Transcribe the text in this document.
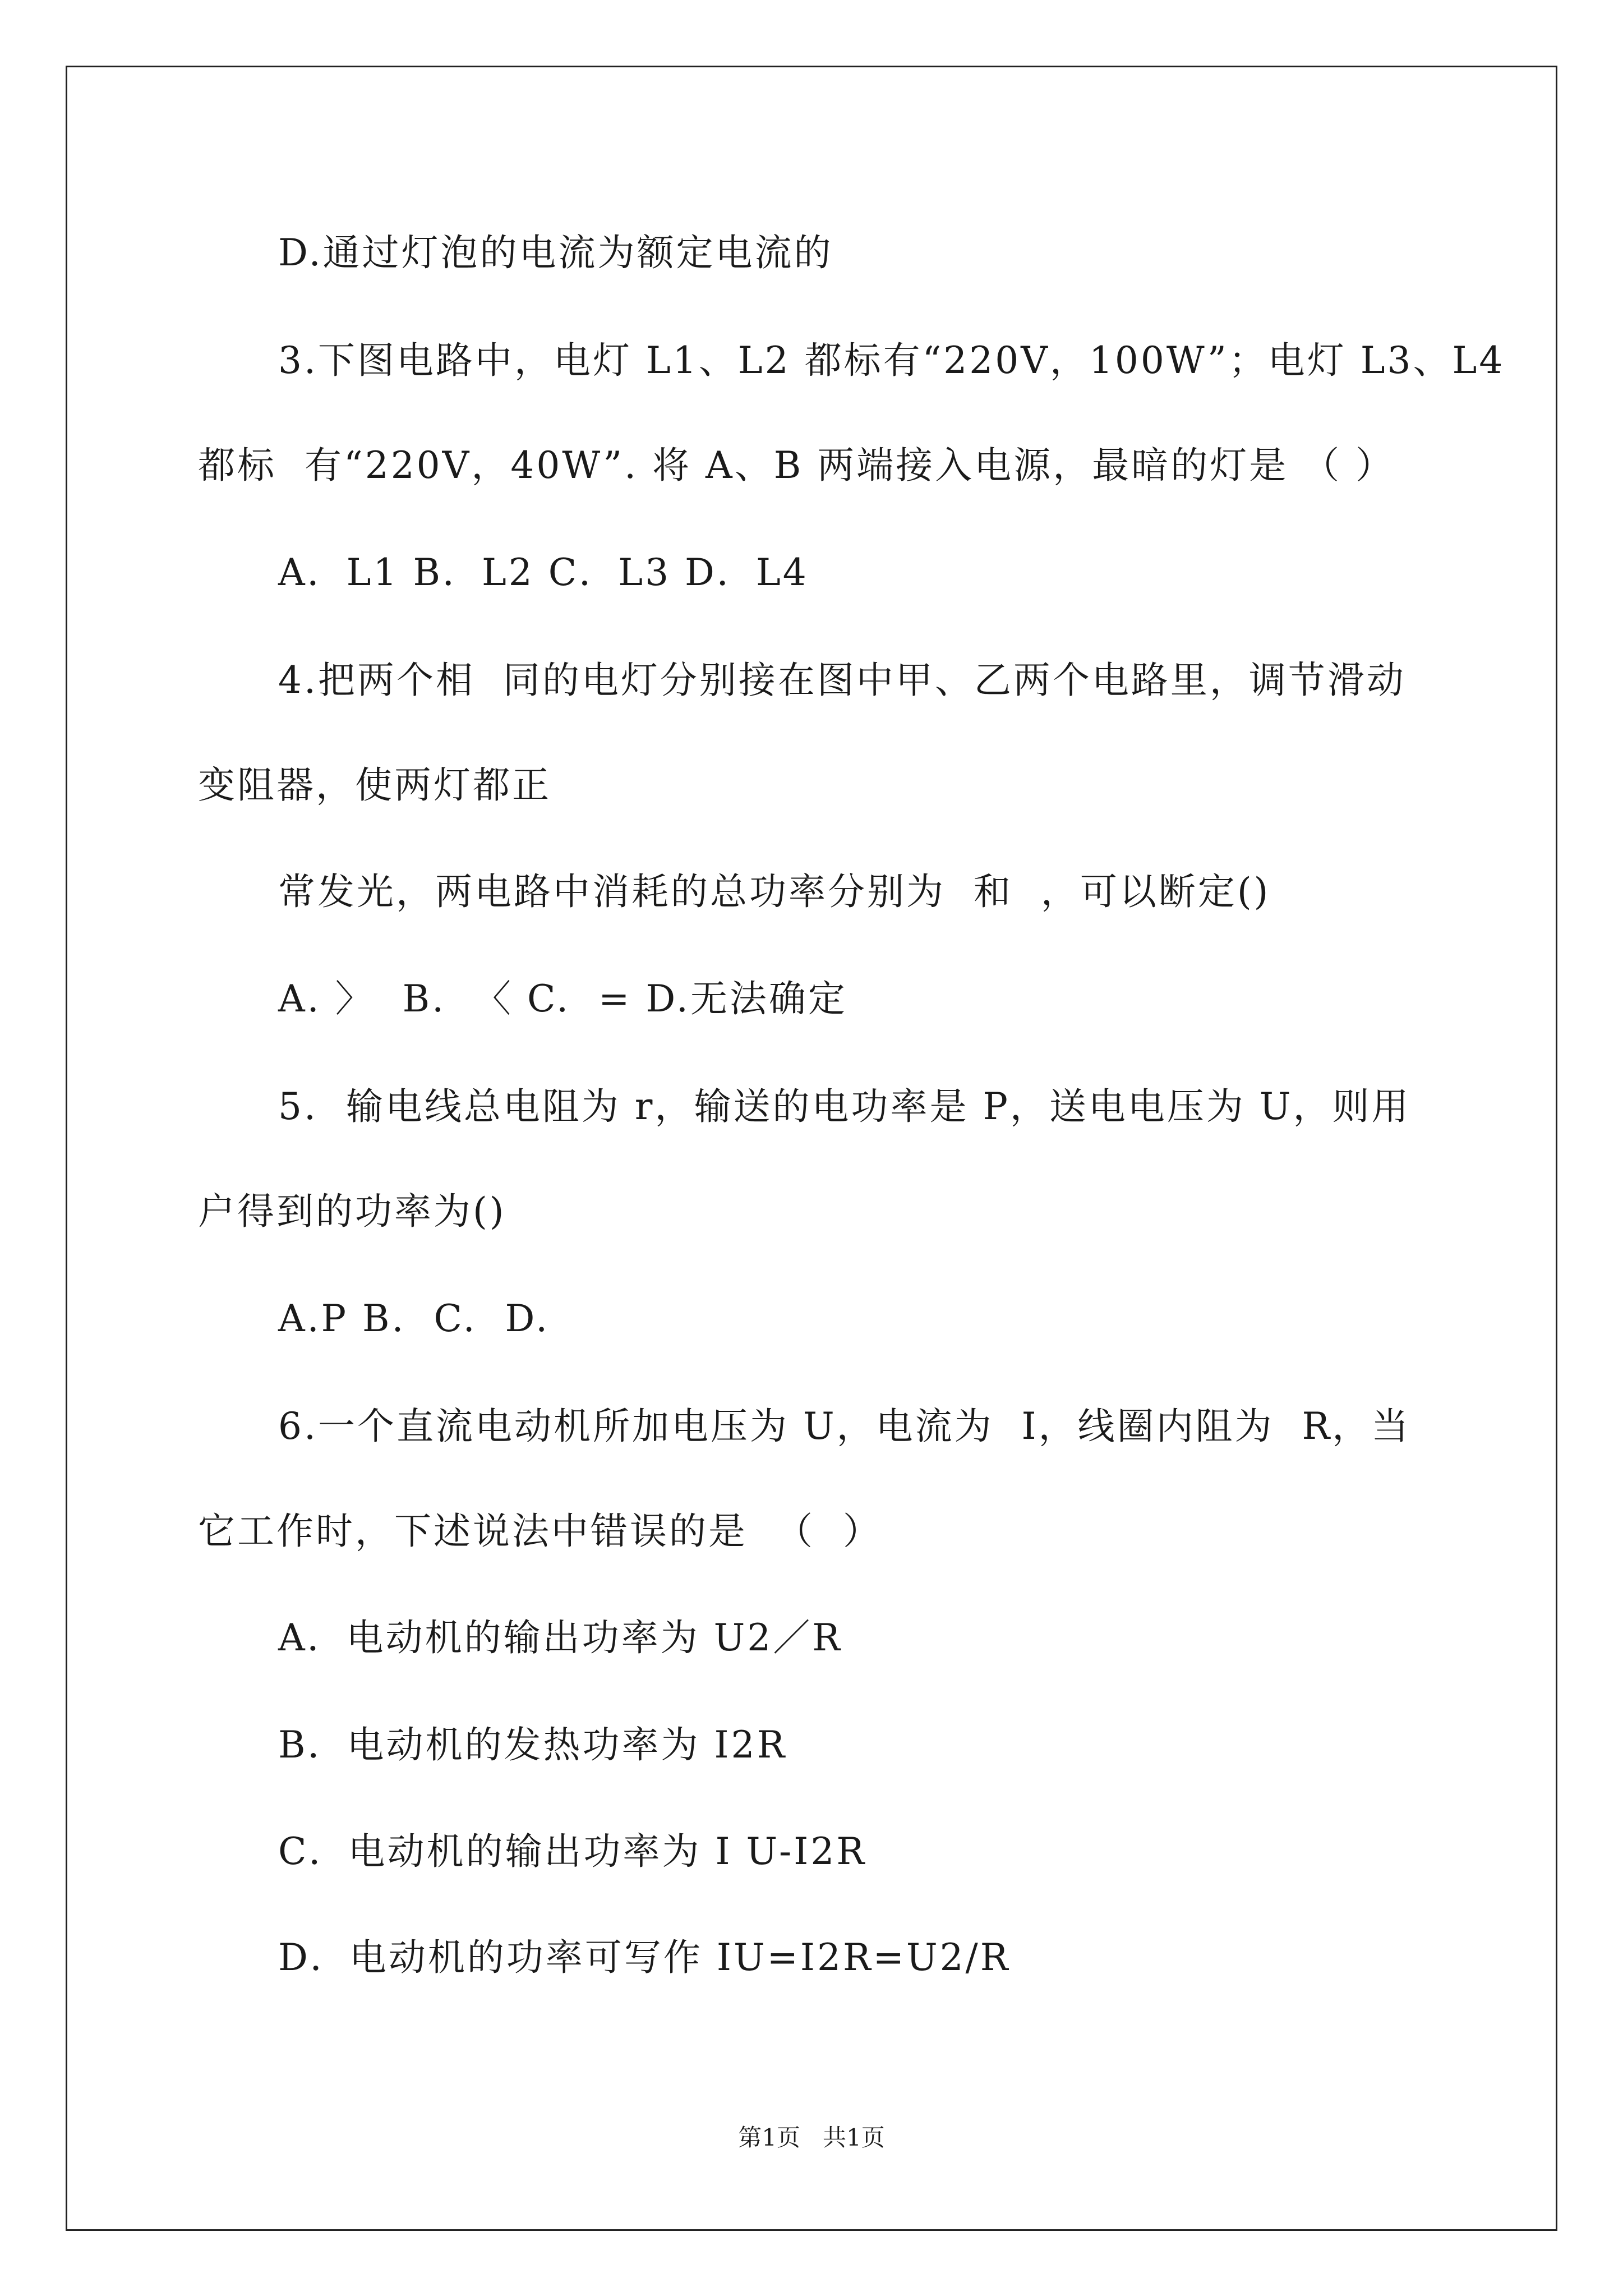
D.通过灯泡的电流为额定电流的
3.下图电路中，电灯 L1、L2 都标有“220V，100W”；电灯 L3、L4
都标  有“220V，40W”. 将 A、B 两端接入电源，最暗的灯是 （ ）
A．L1 B．L2 C．L3 D．L4
4.把两个相  同的电灯分别接在图中甲、乙两个电路里，调节滑动
变阻器，使两灯都正
常发光，两电路中消耗的总功率分别为  和  ，可以断定()
A. 〉  B.  〈 C.  = D.无法确定
5.  输电线总电阻为 r，输送的电功率是 P，送电电压为 U，则用
户得到的功率为()
A.P B.  C.  D.
6.一个直流电动机所加电压为 U，电流为  I，线圈内阻为  R，当
它工作时，下述说法中错误的是  （  ）
A．电动机的输出功率为 U2／R
B．电动机的发热功率为 I2R
C．电动机的输出功率为 I U-I2R
D．电动机的功率可写作 IU=I2R=U2/R
第1页   共1页
